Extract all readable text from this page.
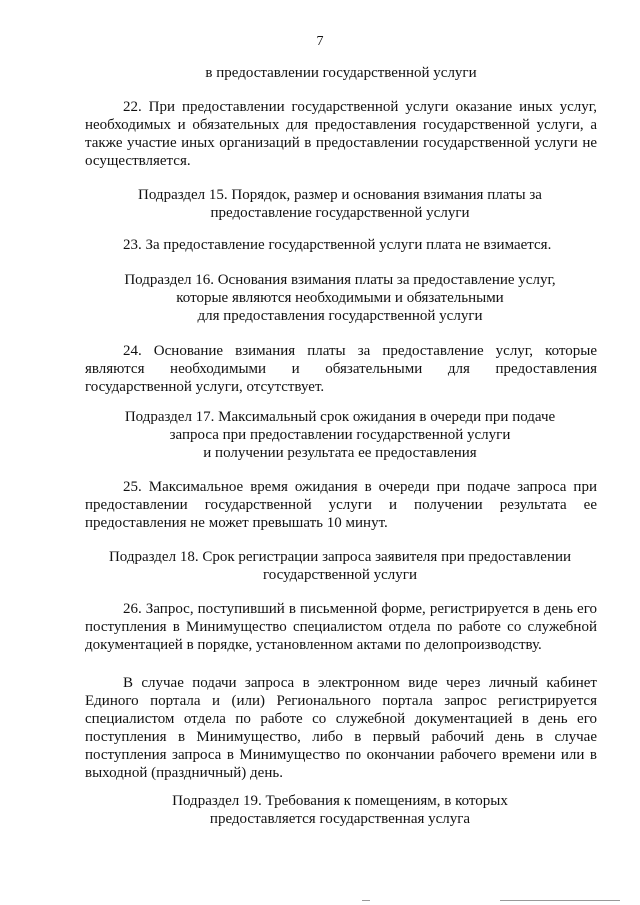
7
в предоставлении государственной услуги
22. При предоставлении государственной услуги оказание иных услуг, необходимых и обязательных для предоставления государственной услуги, а также участие иных организаций в предоставлении государственной услуги не осуществляется.
Подраздел 15. Порядок, размер и основания взимания платы за
предоставление государственной услуги
23. За предоставление государственной услуги плата не взимается.
Подраздел 16. Основания взимания платы за предоставление услуг,
которые являются необходимыми и обязательными
для предоставления государственной услуги
24. Основание взимания платы за предоставление услуг, которые являются необходимыми и обязательными для предоставления государственной услуги, отсутствует.
Подраздел 17. Максимальный срок ожидания в очереди при подаче
запроса при предоставлении государственной услуги
и получении результата ее предоставления
25. Максимальное время ожидания в очереди при подаче запроса при предоставлении государственной услуги и получении результата ее предоставления не может превышать 10 минут.
Подраздел 18. Срок регистрации запроса заявителя при предоставлении
государственной услуги
26. Запрос, поступивший в письменной форме, регистрируется в день его поступления в Минимущество специалистом отдела по работе со служебной документацией в порядке, установленном актами по делопроизводству.
В случае подачи запроса в электронном виде через личный кабинет Единого портала и (или) Регионального портала запрос регистрируется специалистом отдела по работе со служебной документацией в день его поступления в Минимущество, либо в первый рабочий день в случае поступления запроса в Минимущество по окончании рабочего времени или в выходной (праздничный) день.
Подраздел 19. Требования к помещениям, в которых
предоставляется государственная услуга
